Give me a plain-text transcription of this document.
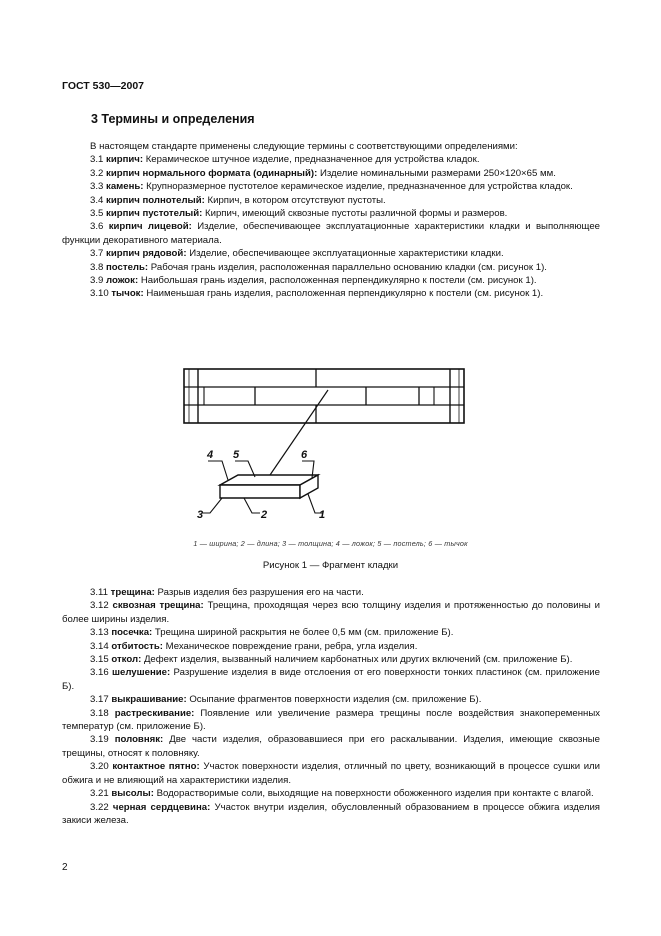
ГОСТ 530—2007
3 Термины и определения

В настоящем стандарте применены следующие термины с соответствующими определениями:

3.1 кирпич: Керамическое штучное изделие, предназначенное для устройства кладок.

3.2 кирпич нормального формата (одинарный): Изделие номинальными размерами 250×120×65 мм.

3.3 камень: Крупноразмерное пустотелое керамическое изделие, предназначенное для устройства кладок.

3.4 кирпич полнотелый: Кирпич, в котором отсутствуют пустоты.

3.5 кирпич пустотелый: Кирпич, имеющий сквозные пустоты различной формы и размеров.

3.6 кирпич лицевой: Изделие, обеспечивающее эксплуатационные характеристики кладки и выполняющее функции декоративного материала.

3.7 кирпич рядовой: Изделие, обеспечивающее эксплуатационные характеристики кладки.

3.8 постель: Рабочая грань изделия, расположенная параллельно основанию кладки (см. рисунок 1).

3.9 ложок: Наибольшая грань изделия, расположенная перпендикулярно к постели (см. рисунок 1).

3.10 тычок: Наименьшая грань изделия, расположенная перпендикулярно к постели (см. рисунок 1).

4 5	6
3	2	1
1 — ширина; 2 — длина; 3 — толщина; 4 — ложок; 5 — постель; 6 — тычок
Рисунок 1 — Фрагмент кладки

3.11 трещина: Разрыв изделия без разрушения его на части.

3.12 сквозная трещина: Трещина, проходящая через всю толщину изделия и протяженностью до половины и более ширины изделия.

3.13 посечка: Трещина шириной раскрытия не более 0,5 мм (см. приложение Б).

3.14 отбитость: Механическое повреждение грани, ребра, угла изделия.

3.15 откол: Дефект изделия, вызванный наличием карбонатных или других включений (см. приложение Б).

3.16 шелушение: Разрушение изделия в виде отслоения от его поверхности тонких пластинок (см. приложение Б).

3.17 выкрашивание: Осыпание фрагментов поверхности изделия (см. приложение Б).

3.18 растрескивание: Появление или увеличение размера трещины после воздействия знакопеременных температур (см. приложение Б).

3.19 половняк: Две части изделия, образовавшиеся при его раскалывании. Изделия, имеющие сквозные трещины, относят к половняку.

3.20 контактное пятно: Участок поверхности изделия, отличный по цвету, возникающий в процессе сушки или обжига и не влияющий на характеристики изделия.

3.21 высолы: Водорастворимые соли, выходящие на поверхности обожженного изделия при контакте с влагой.

3.22 черная сердцевина: Участок внутри изделия, обусловленный образованием в процессе обжига изделия закиси железа.

2
